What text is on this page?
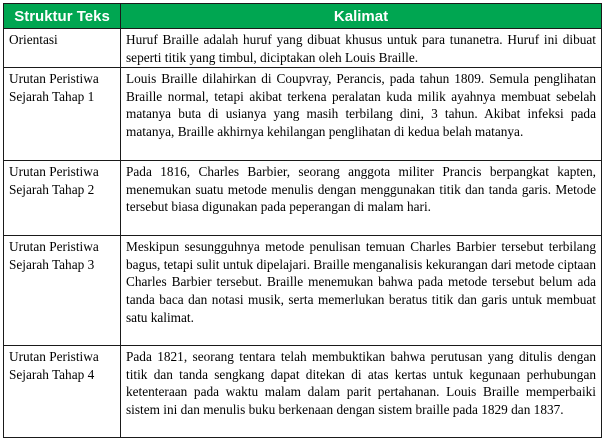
Struktur Teks	Kalimat
Orientasi	Huruf Braille adalah huruf yang dibuat khusus untuk para tunanetra. Huruf ini dibuat seperti titik yang timbul, diciptakan oleh Louis Braille.
Urutan Peristiwa Sejarah Tahap 1	Louis Braille dilahirkan di Coupvray, Perancis, pada tahun 1809. Semula penglihatan Braille normal, tetapi akibat terkena peralatan kuda milik ayahnya membuat sebelah matanya buta di usianya yang masih terbilang dini, 3 tahun. Akibat infeksi pada matanya, Braille akhirnya kehilangan penglihatan di kedua belah matanya.
Urutan Peristiwa Sejarah Tahap 2	Pada 1816, Charles Barbier, seorang anggota militer Prancis berpangkat kapten, menemukan suatu metode menulis dengan menggunakan titik dan tanda garis. Metode tersebut biasa digunakan pada peperangan di malam hari.
Urutan Peristiwa Sejarah Tahap 3	Meskipun sesungguhnya metode penulisan temuan Charles Barbier tersebut terbilang bagus, tetapi sulit untuk dipelajari. Braille menganalisis kekurangan dari metode ciptaan Charles Barbier tersebut. Braille menemukan bahwa pada metode tersebut belum ada tanda baca dan notasi musik, serta memerlukan beratus titik dan garis untuk membuat satu kalimat.
Urutan Peristiwa Sejarah Tahap 4	Pada 1821, seorang tentara telah membuktikan bahwa perutusan yang ditulis dengan titik dan tanda sengkang dapat ditekan di atas kertas untuk kegunaan perhubungan ketenteraan pada waktu malam dalam parit pertahanan. Louis Braille memperbaiki sistem ini dan menulis buku berkenaan dengan sistem braille pada 1829 dan 1837.
